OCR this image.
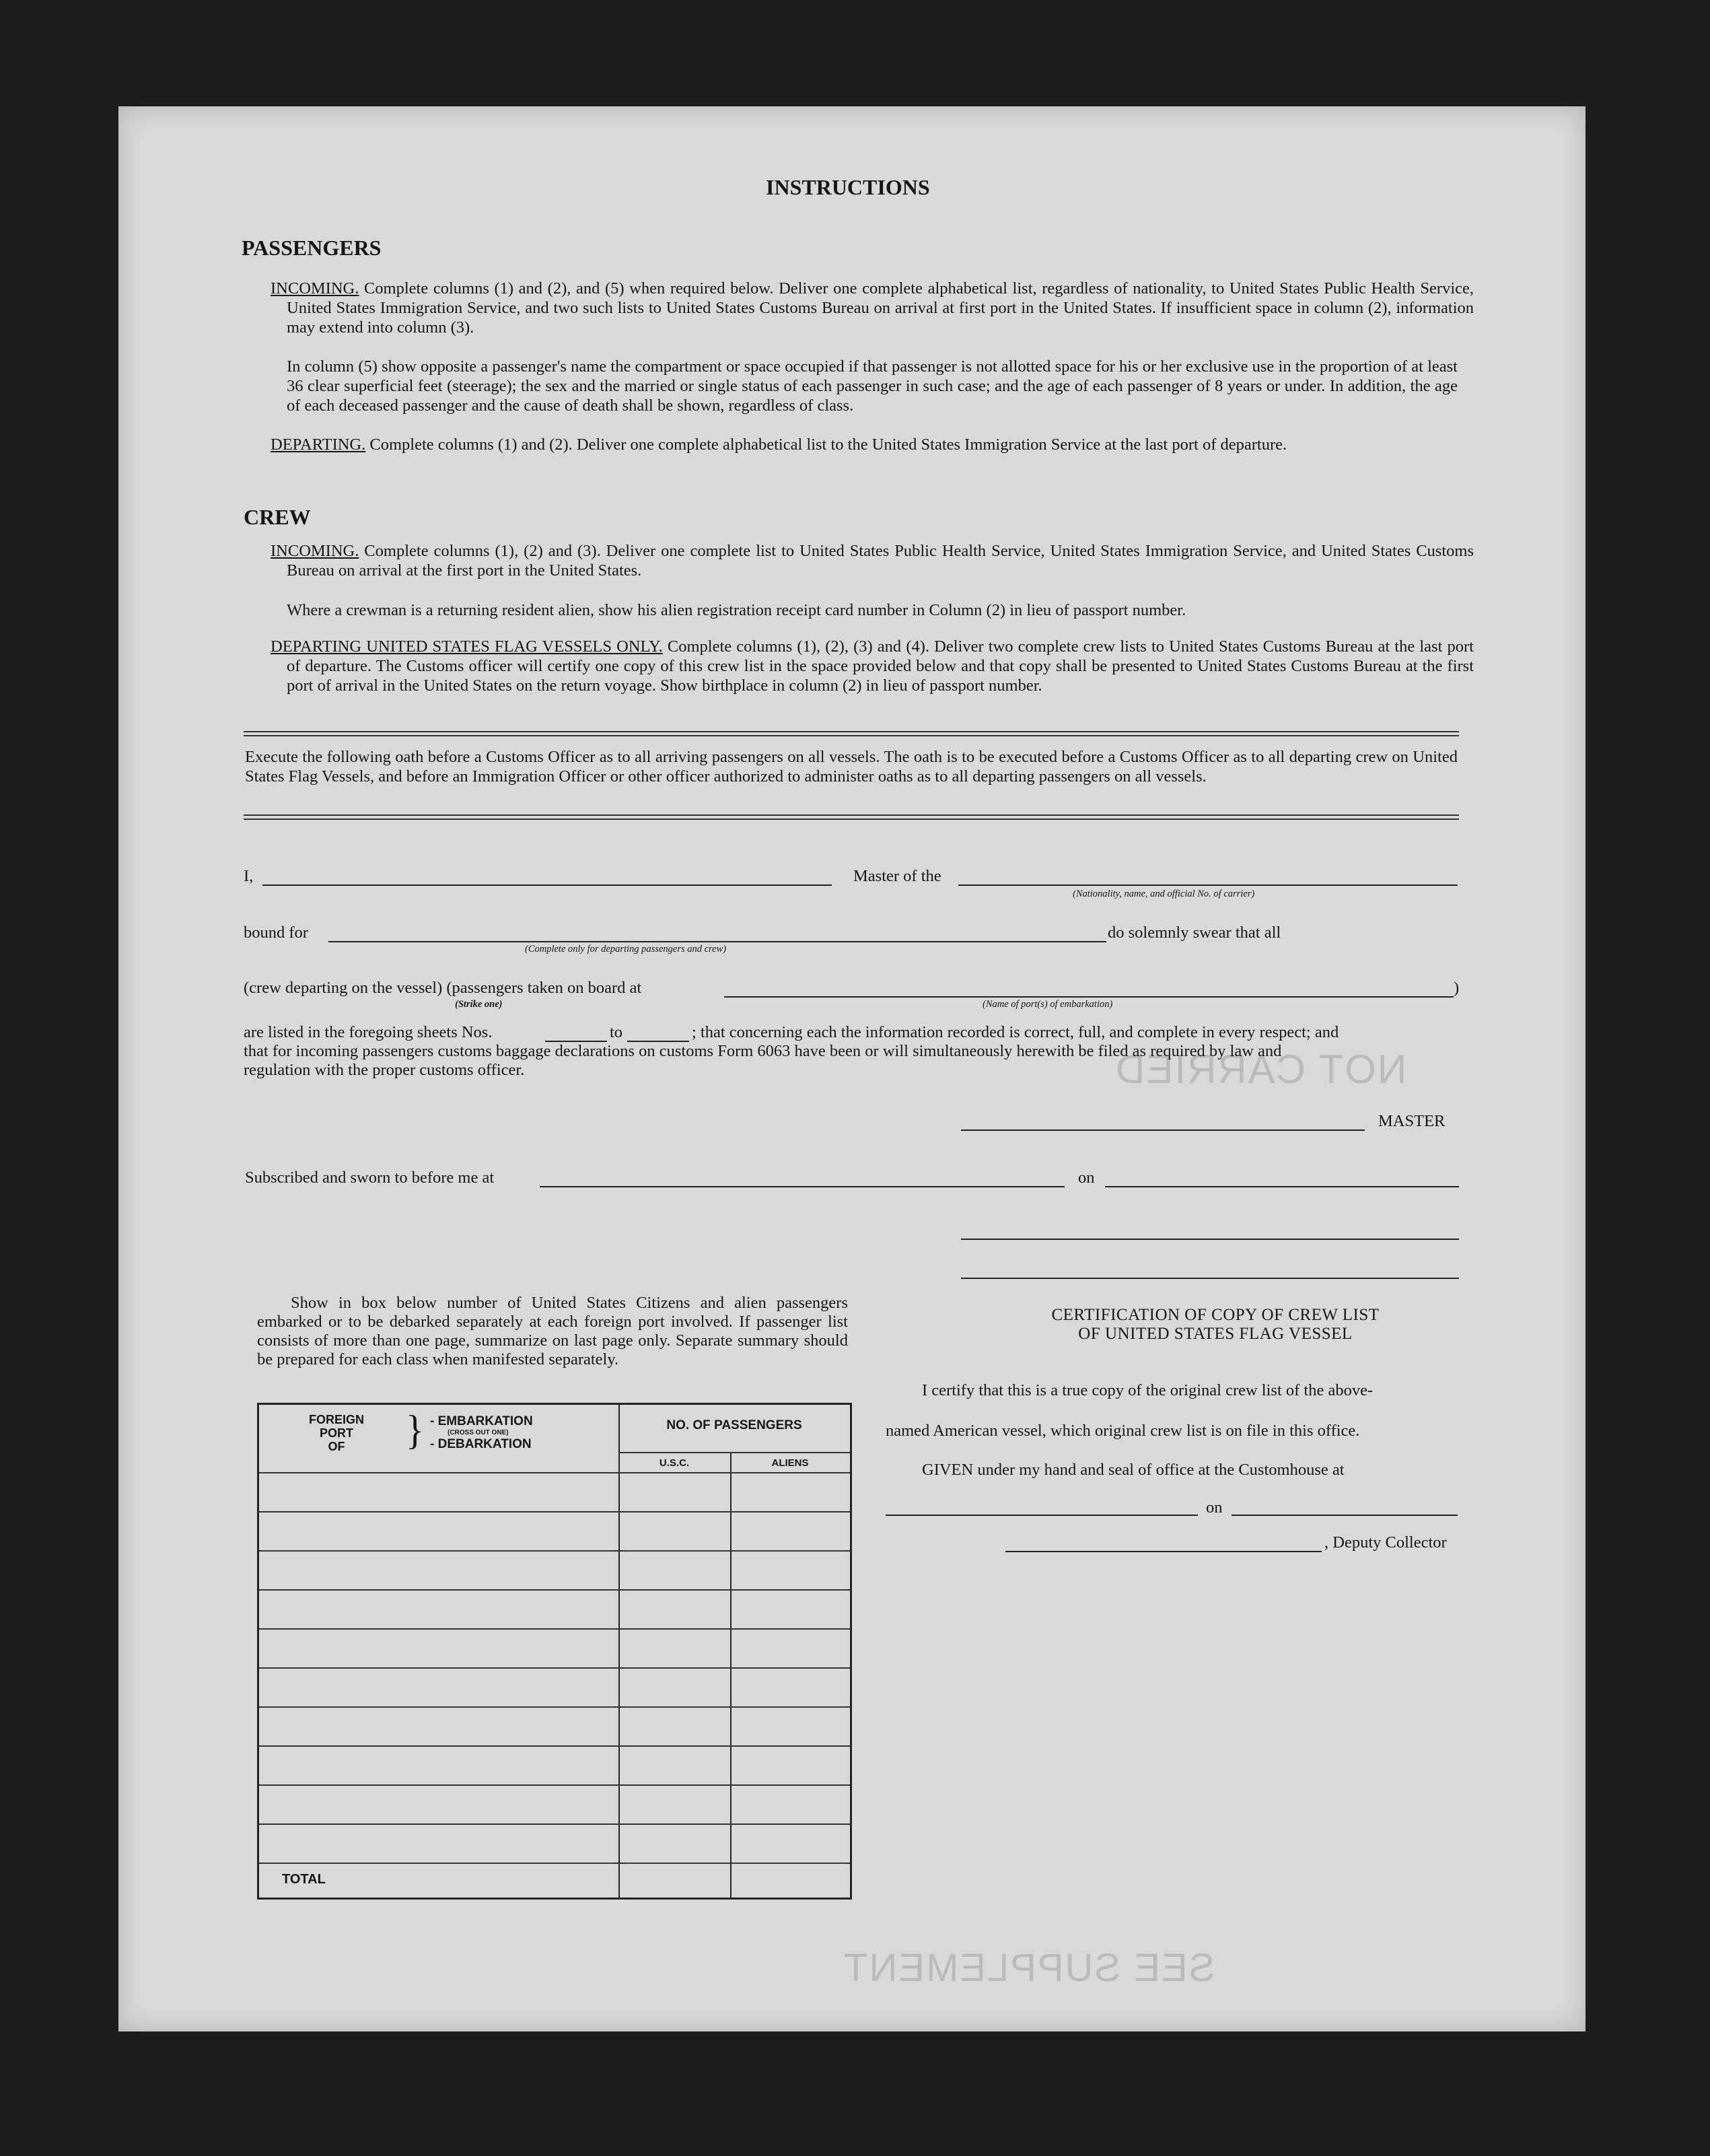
INSTRUCTIONS
PASSENGERS
INCOMING. Complete columns (1) and (2), and (5) when required below. Deliver one complete alphabetical list, regardless of nationality, to United States Public Health Service, United States Immigration Service, and two such lists to United States Customs Bureau on arrival at first port in the United States. If insufficient space in column (2), information may extend into column (3).
In column (5) show opposite a passenger's name the compartment or space occupied if that passenger is not allotted space for his or her exclusive use in the proportion of at least 36 clear superficial feet (steerage); the sex and the married or single status of each passenger in such case; and the age of each passenger of 8 years or under. In addition, the age of each deceased passenger and the cause of death shall be shown, regardless of class.
DEPARTING. Complete columns (1) and (2). Deliver one complete alphabetical list to the United States Immigration Service at the last port of departure.
CREW
INCOMING. Complete columns (1), (2) and (3). Deliver one complete list to United States Public Health Service, United States Immigration Service, and United States Customs Bureau on arrival at the first port in the United States.
Where a crewman is a returning resident alien, show his alien registration receipt card number in Column (2) in lieu of passport number.
DEPARTING UNITED STATES FLAG VESSELS ONLY. Complete columns (1), (2), (3) and (4). Deliver two complete crew lists to United States Customs Bureau at the last port of departure. The Customs officer will certify one copy of this crew list in the space provided below and that copy shall be presented to United States Customs Bureau at the first port of arrival in the United States on the return voyage. Show birthplace in column (2) in lieu of passport number.
Execute the following oath before a Customs Officer as to all arriving passengers on all vessels. The oath is to be executed before a Customs Officer as to all departing crew on United States Flag Vessels, and before an Immigration Officer or other officer authorized to administer oaths as to all departing passengers on all vessels.
I,	Master of the
(Nationality, name, and official No. of carrier)
bound for
(Complete only for departing passengers and crew)
do solemnly swear that all
(crew departing on the vessel) (passengers taken on board at	)
(Strike one)	(Name of port(s) of embarkation)
are listed in the foregoing sheets Nos.	to	; that concerning each the information recorded is correct, full, and complete in every respect; and
that for incoming passengers customs baggage declarations on customs Form 6063 have been or will simultaneously herewith be filed as required by law and
regulation with the proper customs officer.
MASTER
Subscribed and sworn to before me at	on
Show in box below number of United States Citizens and alien passengers embarked or to be debarked separately at each foreign port involved. If passenger list consists of more than one page, summarize on last page only. Separate summary should be prepared for each class when manifested separately.
FOREIGN
PORT
OF	} - EMBARKATION
(CROSS OUT ONE)
- DEBARKATION
NO. OF PASSENGERS
U.S.C.	ALIENS
TOTAL
CERTIFICATION OF COPY OF CREW LIST
OF UNITED STATES FLAG VESSEL
I certify that this is a true copy of the original crew list of the above-
named American vessel, which original crew list is on file in this office.
GIVEN under my hand and seal of office at the Customhouse at
on
, Deputy Collector
NOT CARRIED
SEE SUPPLEMENT
